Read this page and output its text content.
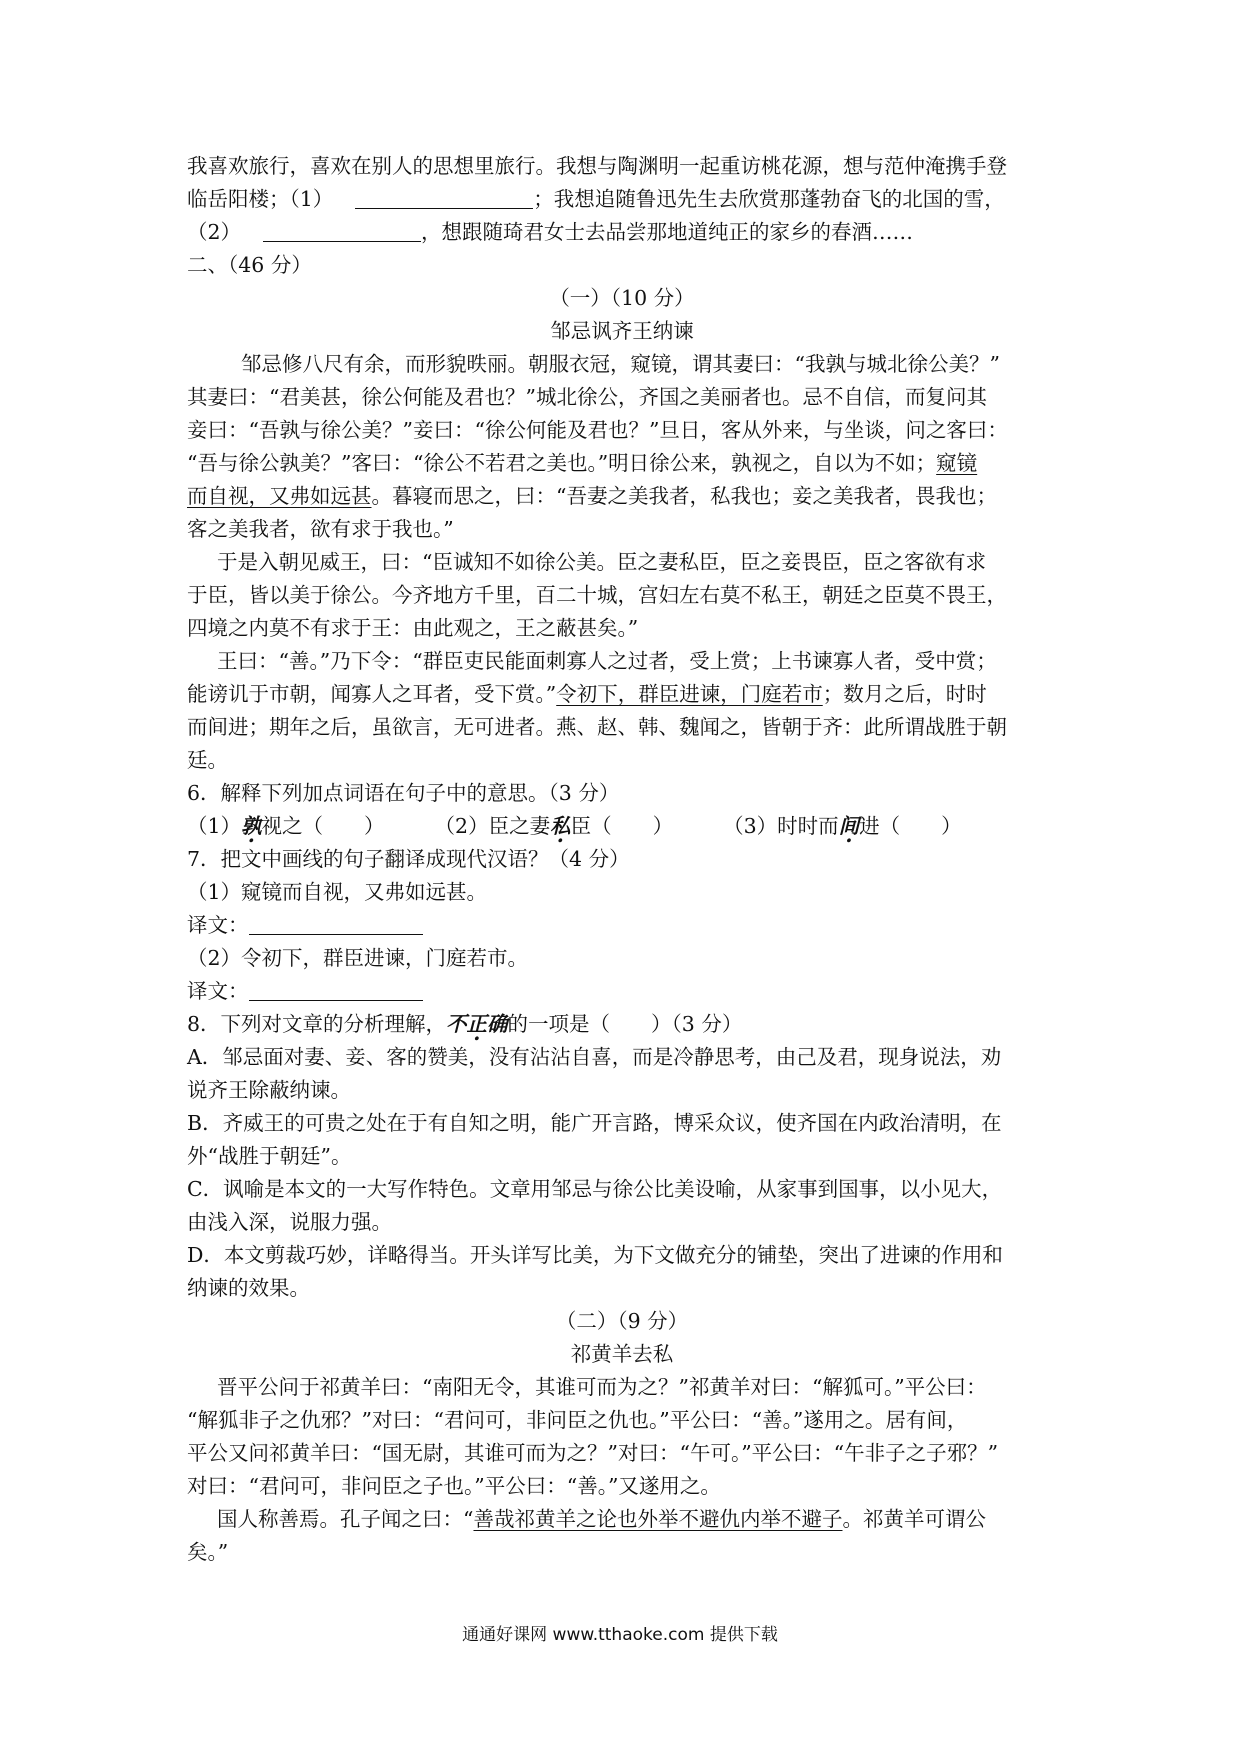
我喜欢旅行，喜欢在别人的思想里旅行。我想与陶渊明一起重访桃花源，想与范仲淹携手登
临岳阳楼；（1）	；我想追随鲁迅先生去欣赏那蓬勃奋飞的北国的雪，
（2）	，想跟随琦君女士去品尝那地道纯正的家乡的春酒……
二、（46 分）
（一）（10 分）
邹忌讽齐王纳谏
邹忌修八尺有余，而形貌昳丽。朝服衣冠，窥镜，谓其妻曰：“我孰与城北徐公美？”
其妻曰：“君美甚，徐公何能及君也？”城北徐公，齐国之美丽者也。忌不自信，而复问其
妾曰：“吾孰与徐公美？”妾曰：“徐公何能及君也？”旦日，客从外来，与坐谈，问之客曰：
“吾与徐公孰美？”客曰：“徐公不若君之美也。”明日徐公来，孰视之，自以为不如；窥镜
而自视，又弗如远甚。暮寝而思之，曰：“吾妻之美我者，私我也；妾之美我者，畏我也；
客之美我者，欲有求于我也。”
于是入朝见威王，曰：“臣诚知不如徐公美。臣之妻私臣，臣之妾畏臣，臣之客欲有求
于臣，皆以美于徐公。今齐地方千里，百二十城，宫妇左右莫不私王，朝廷之臣莫不畏王，
四境之内莫不有求于王：由此观之，王之蔽甚矣。”
王曰：“善。”乃下令：“群臣吏民能面刺寡人之过者，受上赏；上书谏寡人者，受中赏；
能谤讥于市朝，闻寡人之耳者，受下赏。”令初下，群臣进谏，门庭若市；数月之后，时时
而间进；期年之后，虽欲言，无可进者。燕、赵、韩、魏闻之，皆朝于齐：此所谓战胜于朝
廷。
6．解释下列加点词语在句子中的意思。（3 分）
（1）孰视之（　　） （2）臣之妻私臣（　　） （3）时时而间进（　　）
7．把文中画线的句子翻译成现代汉语？（4 分）
（1）窥镜而自视，又弗如远甚。
译文：
（2）令初下，群臣进谏，门庭若市。
译文：
8．下列对文章的分析理解，不正确的一项是（　　）（3 分）
A．邹忌面对妻、妾、客的赞美，没有沾沾自喜，而是冷静思考，由己及君，现身说法，劝
说齐王除蔽纳谏。
B．齐威王的可贵之处在于有自知之明，能广开言路，博采众议，使齐国在内政治清明，在
外“战胜于朝廷”。
C．讽喻是本文的一大写作特色。文章用邹忌与徐公比美设喻，从家事到国事，以小见大，
由浅入深，说服力强。
D．本文剪裁巧妙，详略得当。开头详写比美，为下文做充分的铺垫，突出了进谏的作用和
纳谏的效果。
（二）（9 分）
祁黄羊去私
晋平公问于祁黄羊曰：“南阳无令，其谁可而为之？”祁黄羊对曰：“解狐可。”平公曰：
“解狐非子之仇邪？”对曰：“君问可，非问臣之仇也。”平公曰：“善。”遂用之。居有间，
平公又问祁黄羊曰：“国无尉，其谁可而为之？”对曰：“午可。”平公曰：“午非子之子邪？”
对曰：“君问可，非问臣之子也。”平公曰：“善。”又遂用之。
国人称善焉。孔子闻之曰：“善哉祁黄羊之论也外举不避仇内举不避子。祁黄羊可谓公
矣。”
通通好课网 www.tthaoke.com 提供下载
